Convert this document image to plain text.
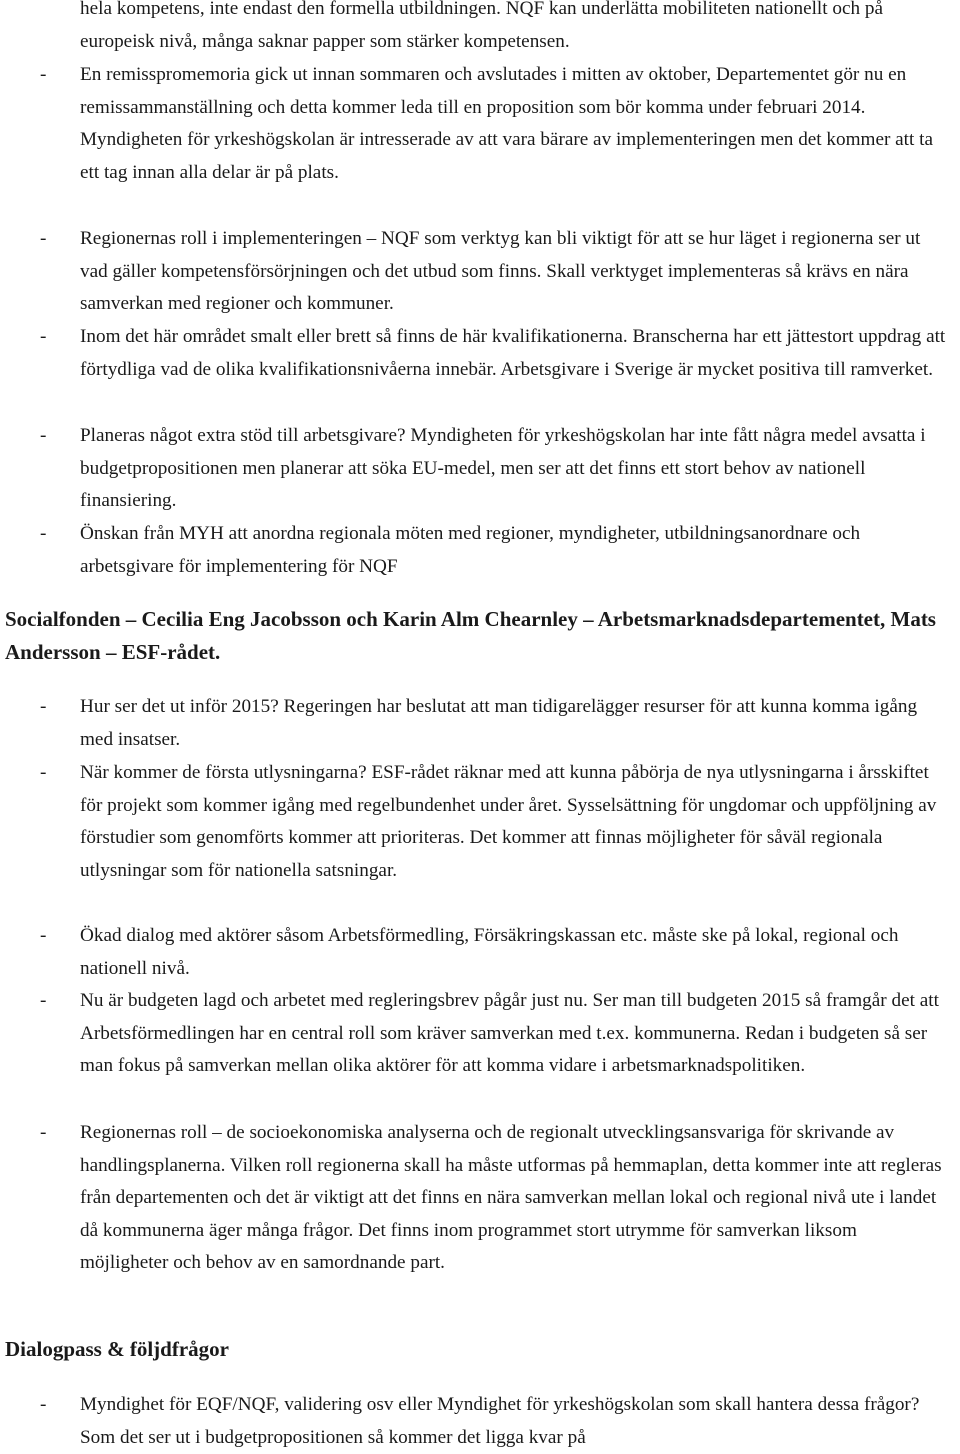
hela kompetens, inte endast den formella utbildningen. NQF kan underlätta mobiliteten nationellt och på europeisk nivå, många saknar papper som stärker kompetensen.

- En remisspromemoria gick ut innan sommaren och avslutades i mitten av oktober, Departementet gör nu en remissammanställning och detta kommer leda till en proposition som bör komma under februari 2014. Myndigheten för yrkeshögskolan är intresserade av att vara bärare av implementeringen men det kommer att ta ett tag innan alla delar är på plats.

- Regionernas roll i implementeringen – NQF som verktyg kan bli viktigt för att se hur läget i regionerna ser ut vad gäller kompetensförsörjningen och det utbud som finns. Skall verktyget implementeras så krävs en nära samverkan med regioner och kommuner.

- Inom det här området smalt eller brett så finns de här kvalifikationerna. Branscherna har ett jättestort uppdrag att förtydliga vad de olika kvalifikationsnivåerna innebär. Arbetsgivare i Sverige är mycket positiva till ramverket.

- Planeras något extra stöd till arbetsgivare? Myndigheten för yrkeshögskolan har inte fått några medel avsatta i budgetpropositionen men planerar att söka EU-medel, men ser att det finns ett stort behov av nationell finansiering.

- Önskan från MYH att anordna regionala möten med regioner, myndigheter, utbildningsanordnare och arbetsgivare för implementering för NQF

Socialfonden – Cecilia Eng Jacobsson och Karin Alm Chearnley – Arbetsmarknadsdepartementet, Mats Andersson – ESF-rådet.
- Hur ser det ut inför 2015? Regeringen har beslutat att man tidigarelägger resurser för att kunna komma igång med insatser.

- När kommer de första utlysningarna? ESF-rådet räknar med att kunna påbörja de nya utlysningarna i årsskiftet för projekt som kommer igång med regelbundenhet under året. Sysselsättning för ungdomar och uppföljning av förstudier som genomförts kommer att prioriteras. Det kommer att finnas möjligheter för såväl regionala utlysningar som för nationella satsningar.

- Ökad dialog med aktörer såsom Arbetsförmedling, Försäkringskassan etc. måste ske på lokal, regional och nationell nivå.

- Nu är budgeten lagd och arbetet med regleringsbrev pågår just nu. Ser man till budgeten 2015 så framgår det att Arbetsförmedlingen har en central roll som kräver samverkan med t.ex. kommunerna. Redan i budgeten så ser man fokus på samverkan mellan olika aktörer för att komma vidare i arbetsmarknadspolitiken.

- Regionernas roll – de socioekonomiska analyserna och de regionalt utvecklingsansvariga för skrivande av handlingsplanerna. Vilken roll regionerna skall ha måste utformas på hemmaplan, detta kommer inte att regleras från departementen och det är viktigt att det finns en nära samverkan mellan lokal och regional nivå ute i landet då kommunerna äger många frågor. Det finns inom programmet stort utrymme för samverkan liksom möjligheter och behov av en samordnande part.

Dialogpass & följdfrågor
- Myndighet för EQF/NQF, validering osv eller Myndighet för yrkeshögskolan som skall hantera dessa frågor? Som det ser ut i budgetpropositionen så kommer det ligga kvar på
